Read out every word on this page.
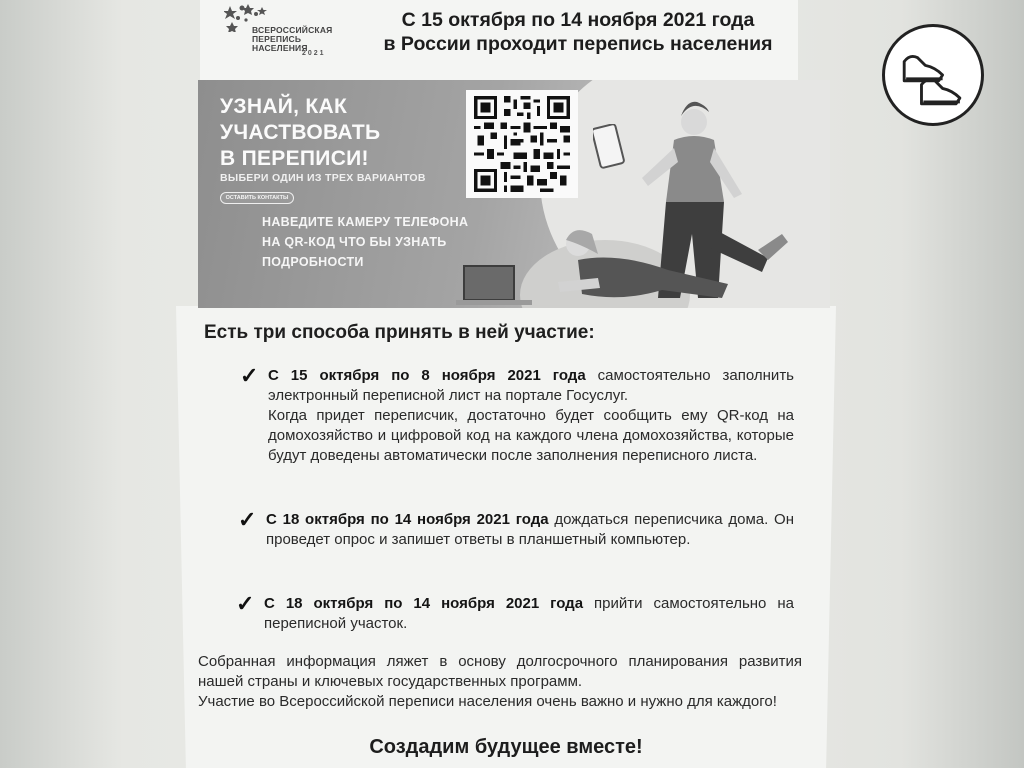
ВСЕРОССИЙСКАЯ
ПЕРЕПИСЬ
НАСЕЛЕНИЯ
2021
С 15 октября по 14 ноября 2021 года
в России проходит перепись населения
УЗНАЙ, КАК
УЧАСТВОВАТЬ
В ПЕРЕПИСИ!
ВЫБЕРИ ОДИН ИЗ ТРЕХ ВАРИАНТОВ
ОСТАВИТЬ КОНТАКТЫ
НАВЕДИТЕ КАМЕРУ ТЕЛЕФОНА
НА QR-КОД ЧТО БЫ УЗНАТЬ
ПОДРОБНОСТИ
Есть три способа принять в ней участие:
✓ С 15 октября по 8 ноября 2021 года самостоятельно заполнить электронный переписной лист на портале Госуслуг.
Когда придет переписчик, достаточно будет сообщить ему QR-код на домохозяйство и цифровой код на каждого члена домохозяйства, которые будут доведены автоматически после заполнения переписного листа.
✓ С 18 октября по 14 ноября 2021 года дождаться переписчика дома. Он проведет опрос и запишет ответы в планшетный компьютер.
✓ С 18 октября по 14 ноября 2021 года прийти самостоятельно на переписной участок.
Собранная информация ляжет в основу долгосрочного планирования развития нашей страны и ключевых государственных программ.
Участие во Всероссийской переписи населения очень важно и нужно для каждого!
Создадим будущее вместе!
